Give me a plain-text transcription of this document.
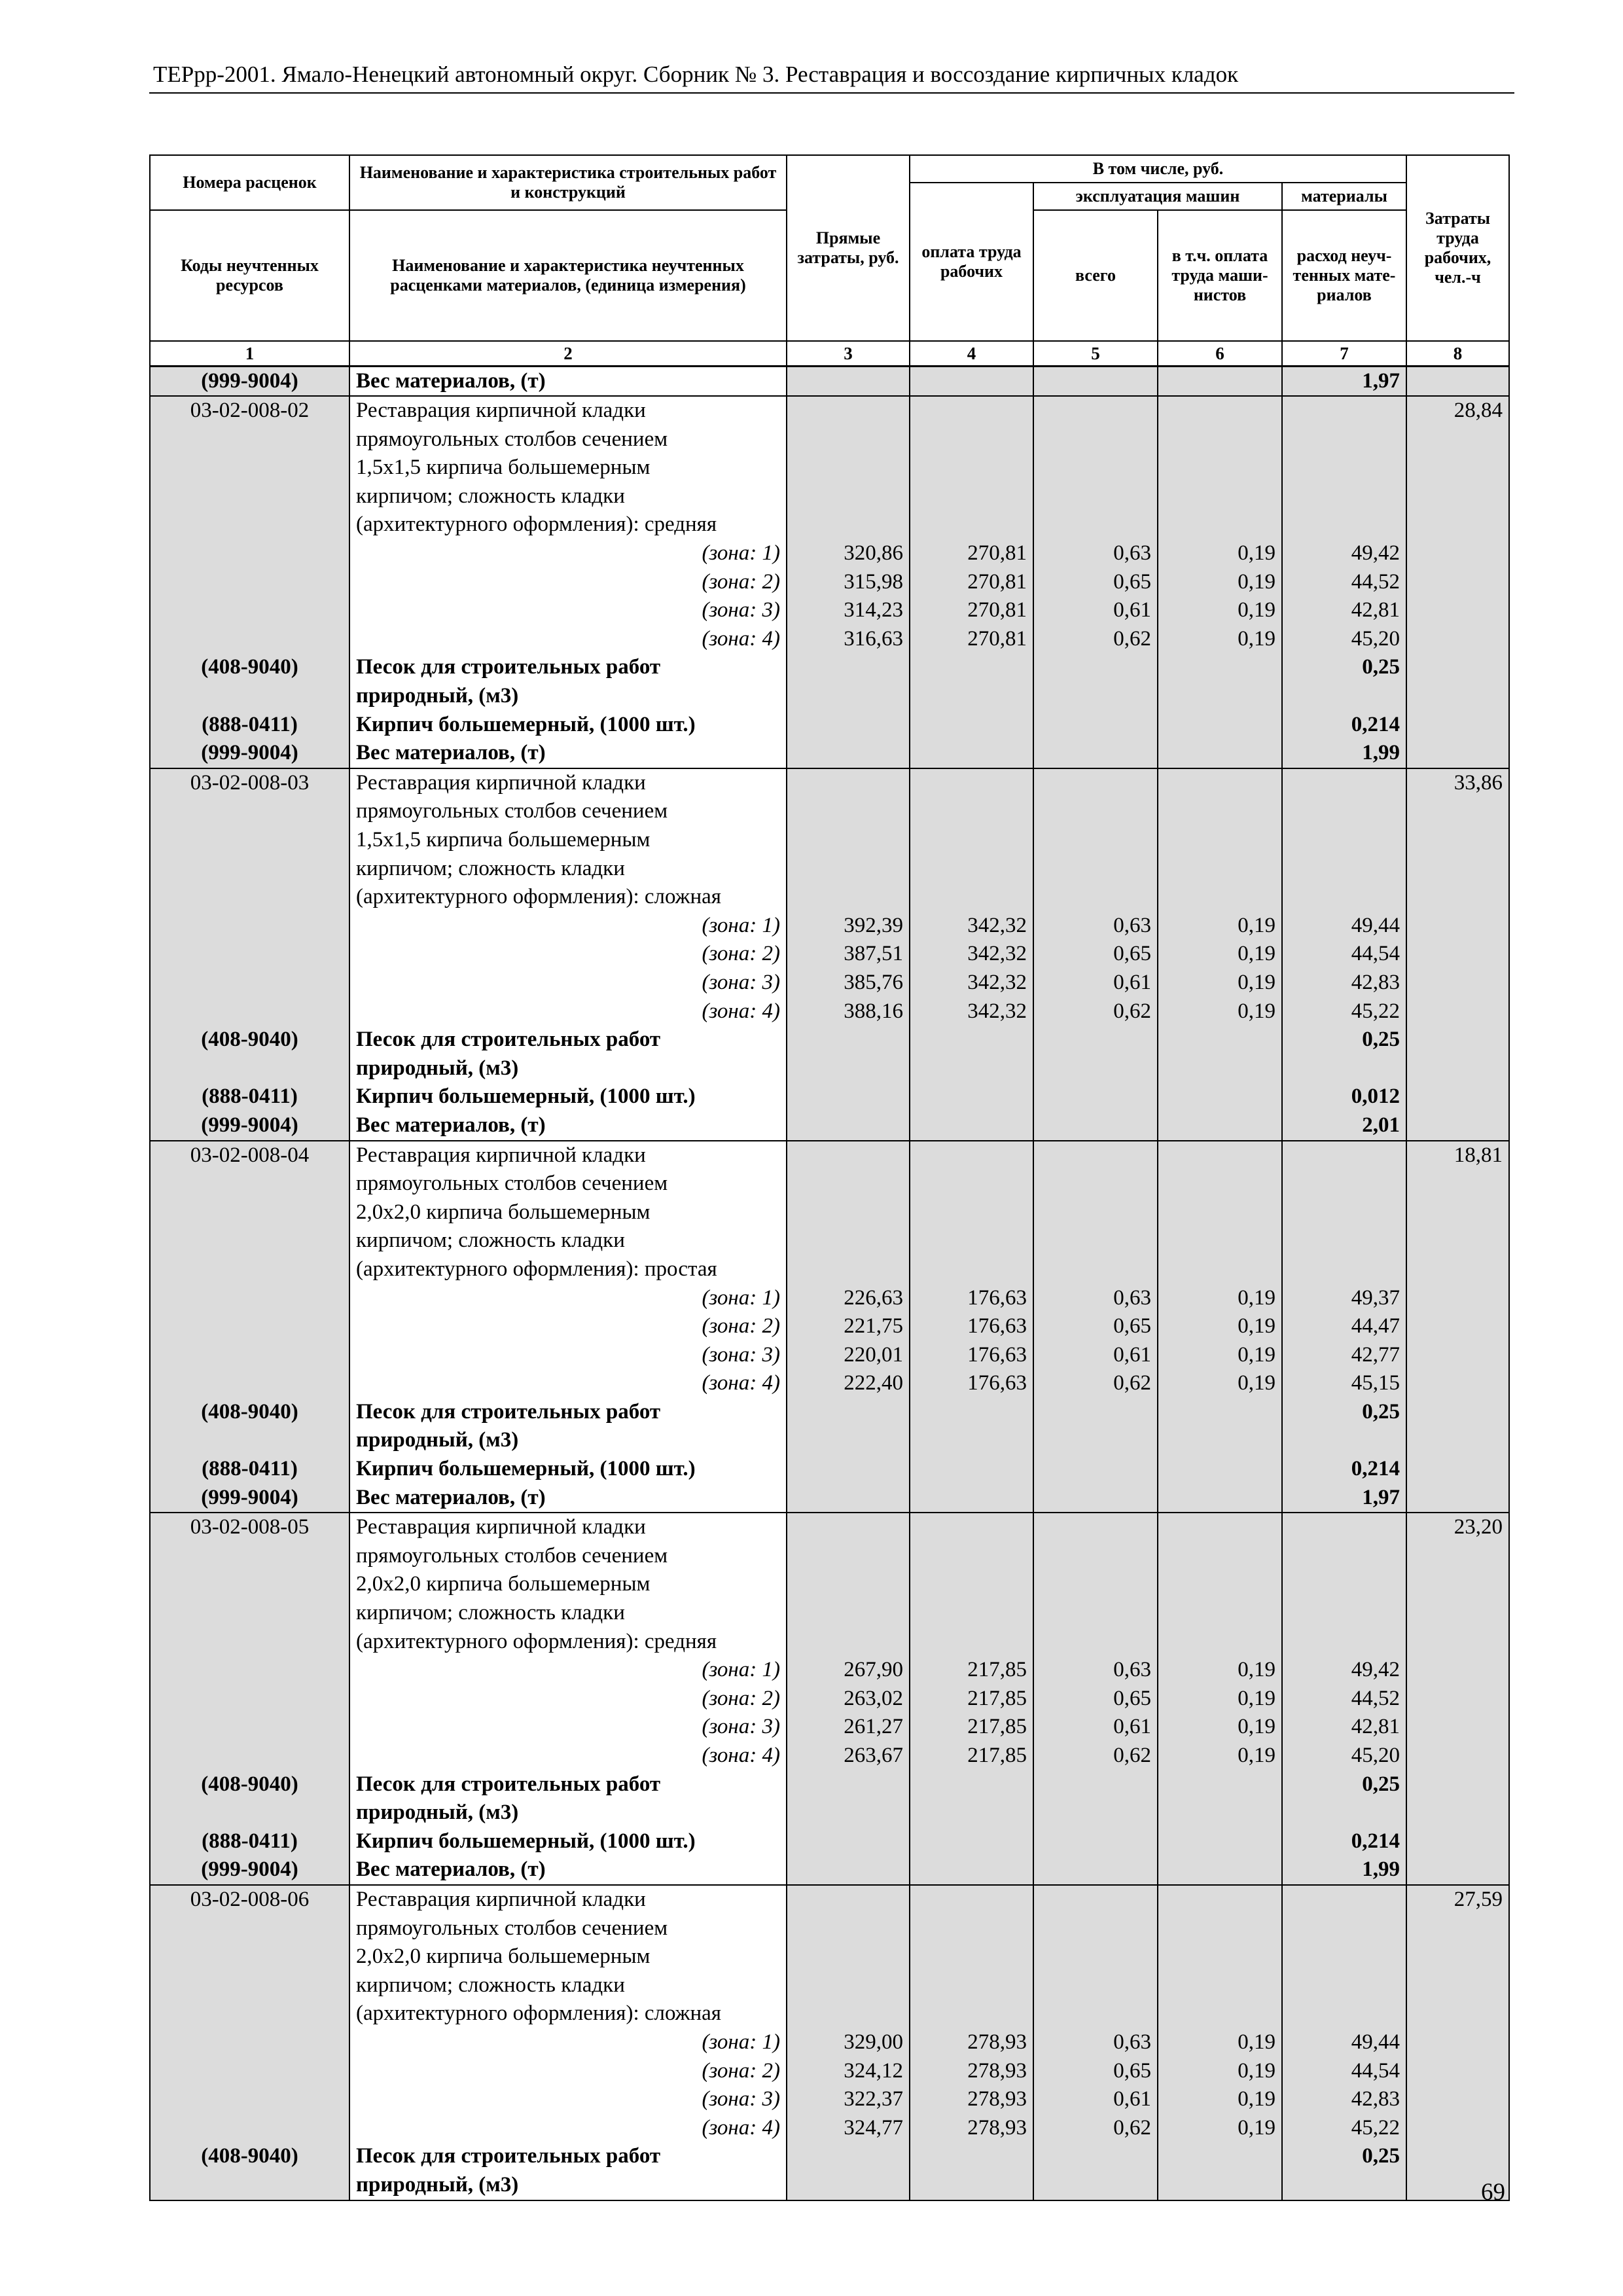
ТЕРрр-2001. Ямало-Ненецкий автономный округ. Сборник № 3. Реставрация и воссоздание кирпичных кладок
Номера расценок	Наименование и характеристика строительных работ и конструкций	Прямые затраты, руб.	В том числе, руб.				Затраты труда рабочих, чел.-ч
			оплата труда рабочих	эксплуатация машин		материалы	
Коды неучтенных ресурсов	Наименование и характеристика неучтенных расценками материалов, (единица измерения)			всего	в т.ч. оплата труда маши-нистов	расход неуч-тенных мате-риалов	

1	2	3	4	5	6	7	8
(999-9004)	Вес материалов, (т)					1,97	
03-02-008-02	Реставрация кирпичной кладки						28,84
	прямоугольных столбов сечением						
	1,5х1,5 кирпича большемерным						
	кирпичом; сложность кладки						
	(архитектурного оформления): средняя						
	(зона: 1)	320,86	270,81	0,63	0,19	49,42	
	(зона: 2)	315,98	270,81	0,65	0,19	44,52	
	(зона: 3)	314,23	270,81	0,61	0,19	42,81	
	(зона: 4)	316,63	270,81	0,62	0,19	45,20	
(408-9040)	Песок для строительных работ					0,25	
	природный, (м3)						
(888-0411)	Кирпич большемерный, (1000 шт.)					0,214	
(999-9004)	Вес материалов, (т)					1,99	
03-02-008-03	Реставрация кирпичной кладки						33,86
	прямоугольных столбов сечением						
	1,5х1,5 кирпича большемерным						
	кирпичом; сложность кладки						
	(архитектурного оформления): сложная						
	(зона: 1)	392,39	342,32	0,63	0,19	49,44	
	(зона: 2)	387,51	342,32	0,65	0,19	44,54	
	(зона: 3)	385,76	342,32	0,61	0,19	42,83	
	(зона: 4)	388,16	342,32	0,62	0,19	45,22	
(408-9040)	Песок для строительных работ					0,25	
	природный, (м3)						
(888-0411)	Кирпич большемерный, (1000 шт.)					0,012	
(999-9004)	Вес материалов, (т)					2,01	
03-02-008-04	Реставрация кирпичной кладки						18,81
	прямоугольных столбов сечением						
	2,0х2,0 кирпича большемерным						
	кирпичом; сложность кладки						
	(архитектурного оформления): простая						
	(зона: 1)	226,63	176,63	0,63	0,19	49,37	
	(зона: 2)	221,75	176,63	0,65	0,19	44,47	
	(зона: 3)	220,01	176,63	0,61	0,19	42,77	
	(зона: 4)	222,40	176,63	0,62	0,19	45,15	
(408-9040)	Песок для строительных работ					0,25	
	природный, (м3)						
(888-0411)	Кирпич большемерный, (1000 шт.)					0,214	
(999-9004)	Вес материалов, (т)					1,97	
03-02-008-05	Реставрация кирпичной кладки						23,20
	прямоугольных столбов сечением						
	2,0х2,0 кирпича большемерным						
	кирпичом; сложность кладки						
	(архитектурного оформления): средняя						
	(зона: 1)	267,90	217,85	0,63	0,19	49,42	
	(зона: 2)	263,02	217,85	0,65	0,19	44,52	
	(зона: 3)	261,27	217,85	0,61	0,19	42,81	
	(зона: 4)	263,67	217,85	0,62	0,19	45,20	
(408-9040)	Песок для строительных работ					0,25	
	природный, (м3)						
(888-0411)	Кирпич большемерный, (1000 шт.)					0,214	
(999-9004)	Вес материалов, (т)					1,99	
03-02-008-06	Реставрация кирпичной кладки						27,59
	прямоугольных столбов сечением						
	2,0х2,0 кирпича большемерным						
	кирпичом; сложность кладки						
	(архитектурного оформления): сложная						
	(зона: 1)	329,00	278,93	0,63	0,19	49,44	
	(зона: 2)	324,12	278,93	0,65	0,19	44,54	
	(зона: 3)	322,37	278,93	0,61	0,19	42,83	
	(зона: 4)	324,77	278,93	0,62	0,19	45,22	
(408-9040)	Песок для строительных работ					0,25	
	природный, (м3)							69
